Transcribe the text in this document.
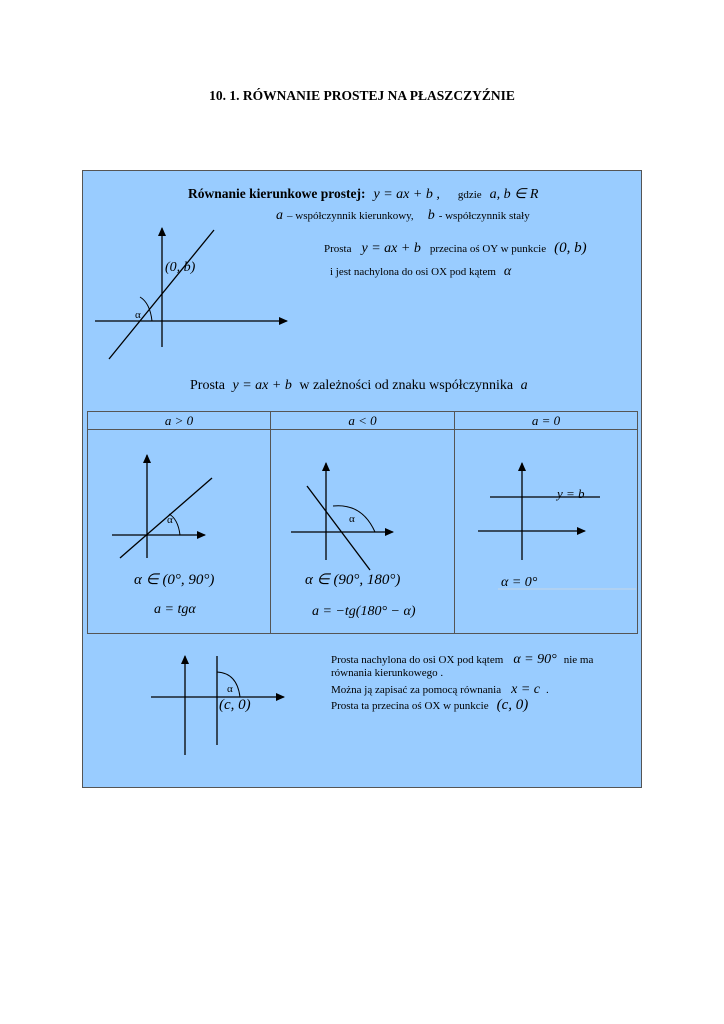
10. 1. RÓWNANIE PROSTEJ NA PŁASZCZYŹNIE
Równanie kierunkowe prostej: y = ax + b , gdzie a, b ∈ R
a – współczynnik kierunkowy, b - współczynnik stały
(0, b)
α
Prosta y = ax + b przecina oś OY w punkcie (0, b)
i jest nachylona do osi OX pod kątem α
Prosta y = ax + b w zależności od znaku współczynnika a
a > 0	a < 0	a = 0
α
α ∈ (0°, 90°)
a = tgα
α
α ∈ (90°, 180°)
a = −tg(180° − α)
y = b
α = 0°
α
(c, 0)
Prosta nachylona do osi OX pod kątem α = 90° nie ma
równania kierunkowego .
Można ją zapisać za pomocą równania x = c .
Prosta ta przecina oś OX w punkcie (c, 0)
